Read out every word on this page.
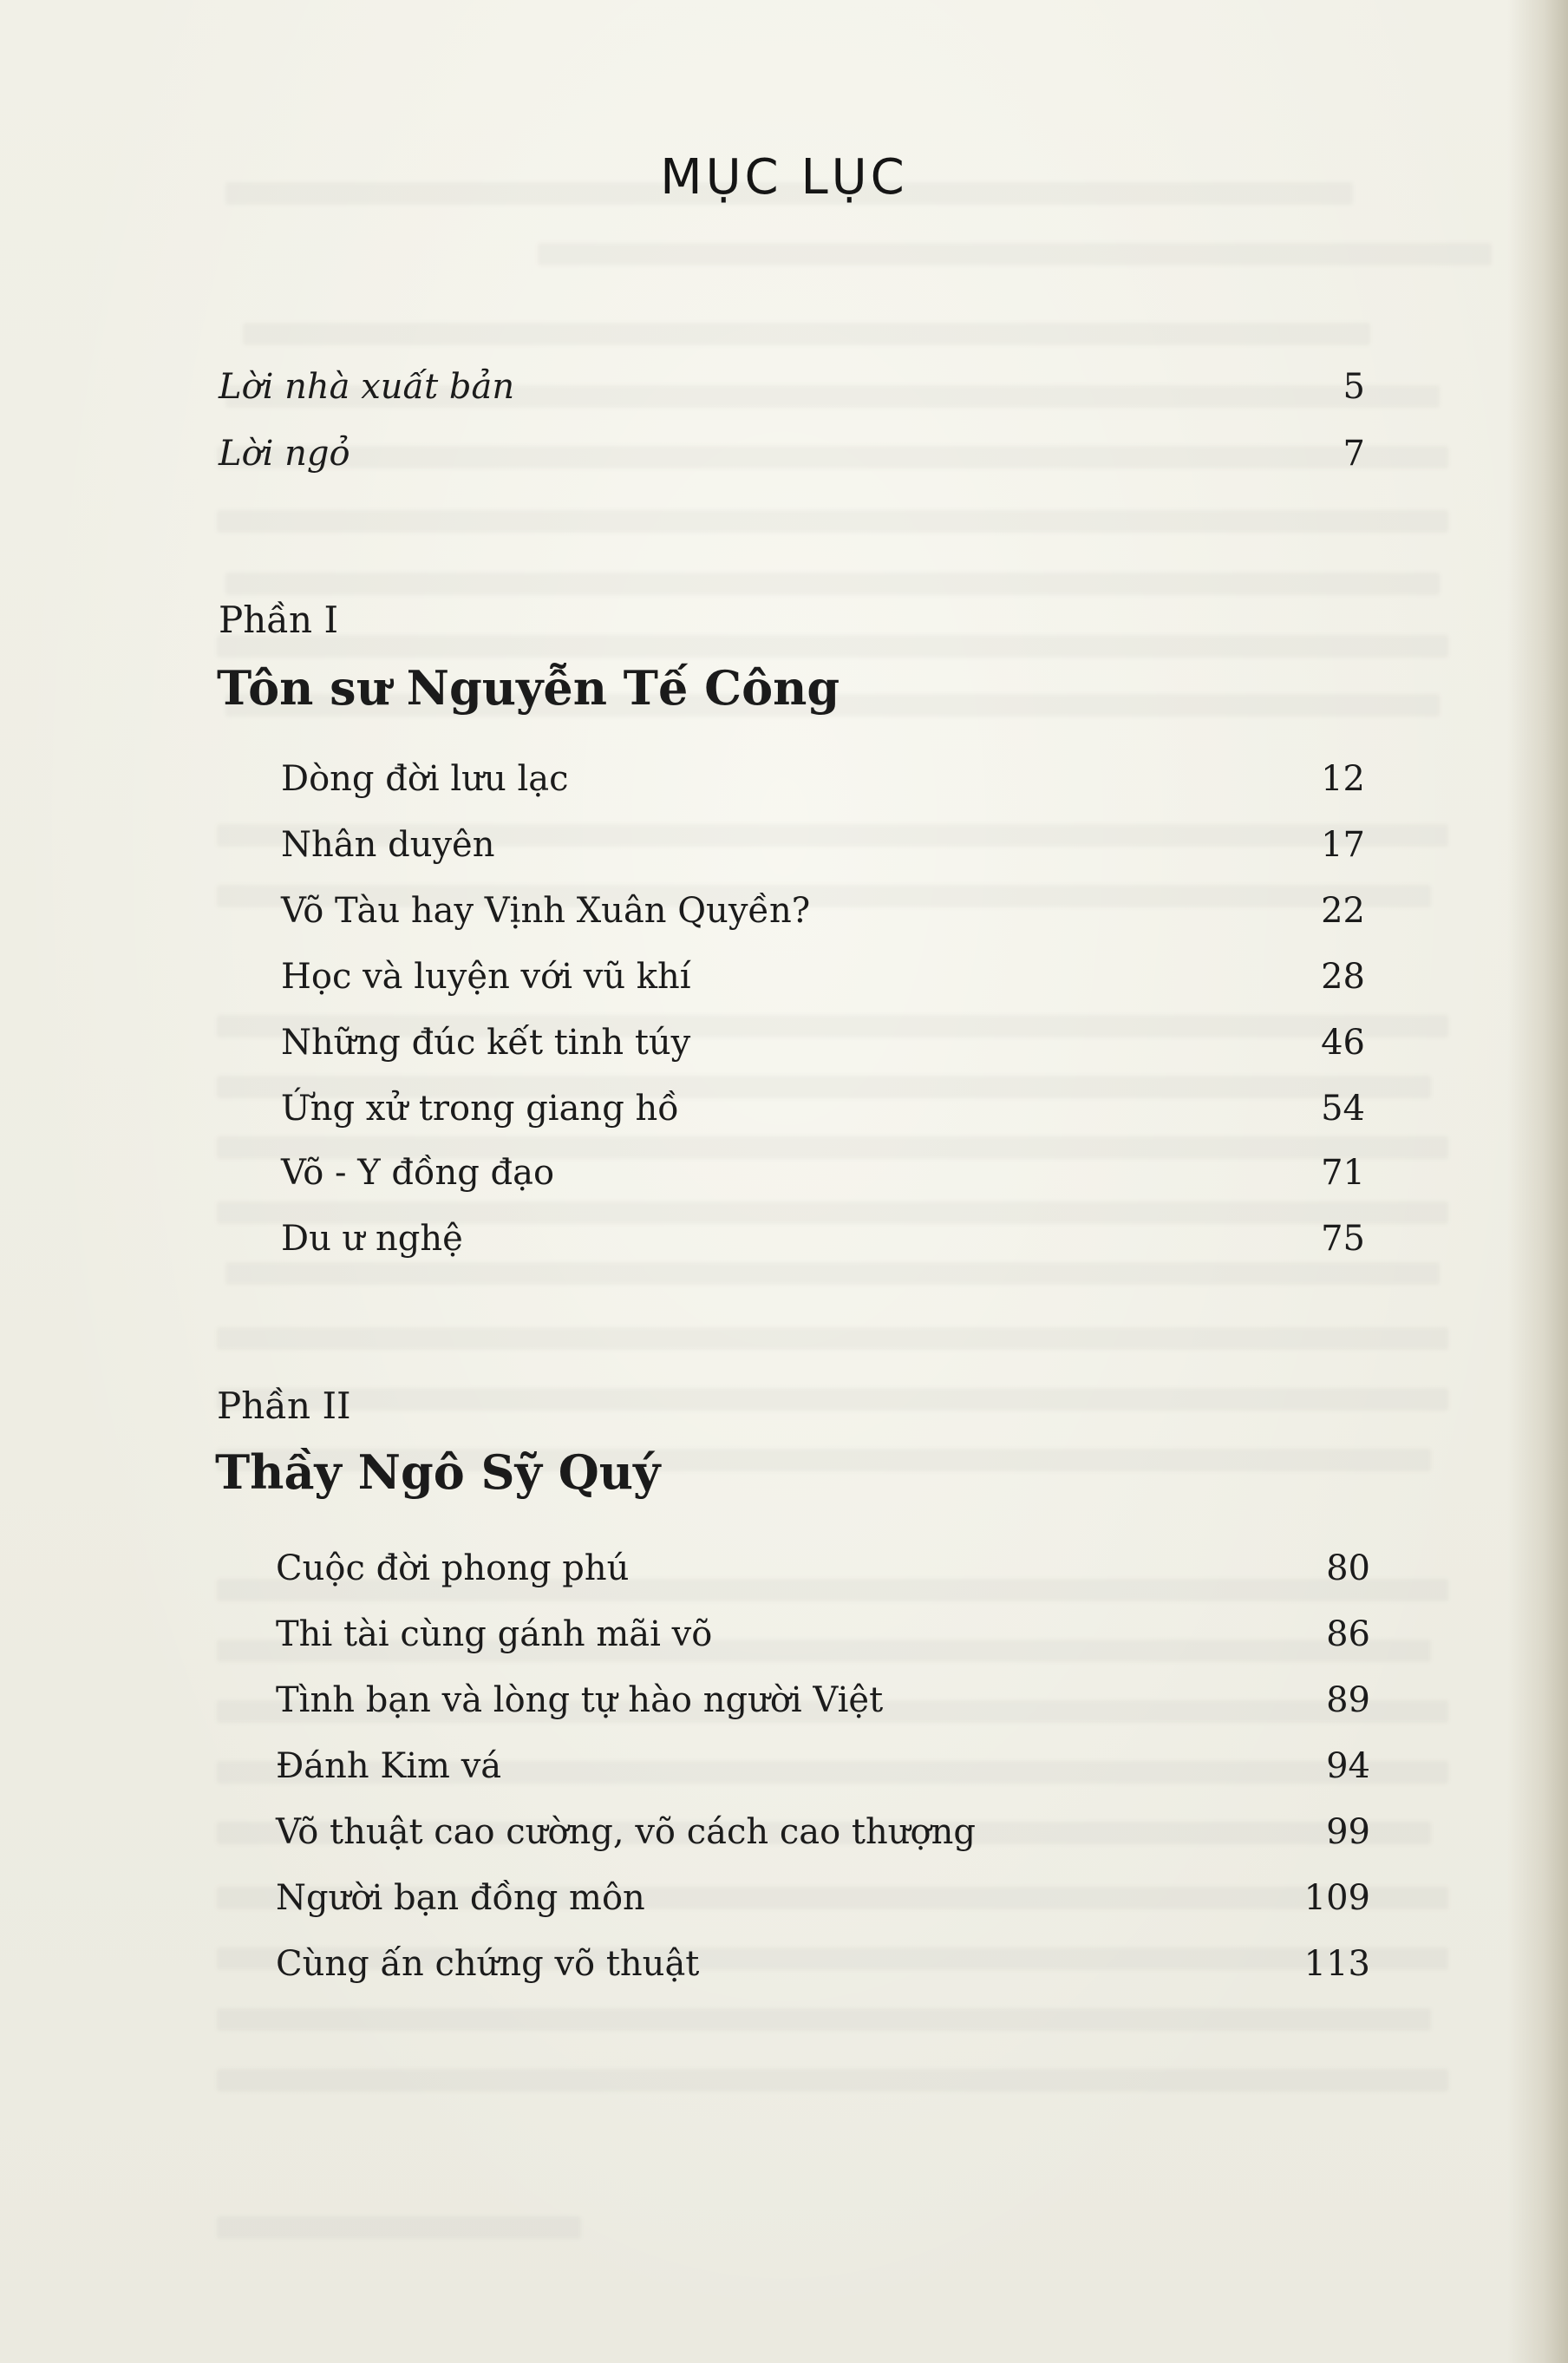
MỤC LỤC
Lời nhà xuất bản	5
Lời ngỏ	7
Phần I
Tôn sư Nguyễn Tế Công
Dòng đời lưu lạc	12
Nhân duyên	17
Võ Tàu hay Vịnh Xuân Quyền?	22
Học và luyện với vũ khí	28
Những đúc kết tinh túy	46
Ứng xử trong giang hồ	54
Võ - Y đồng đạo	71
Du ư nghệ	75
Phần II
Thầy Ngô Sỹ Quý
Cuộc đời phong phú	80
Thi tài cùng gánh mãi võ	86
Tình bạn và lòng tự hào người Việt	89
Đánh Kim vá	94
Võ thuật cao cường, võ cách cao thượng	99
Người bạn đồng môn	109
Cùng ấn chứng võ thuật	113
